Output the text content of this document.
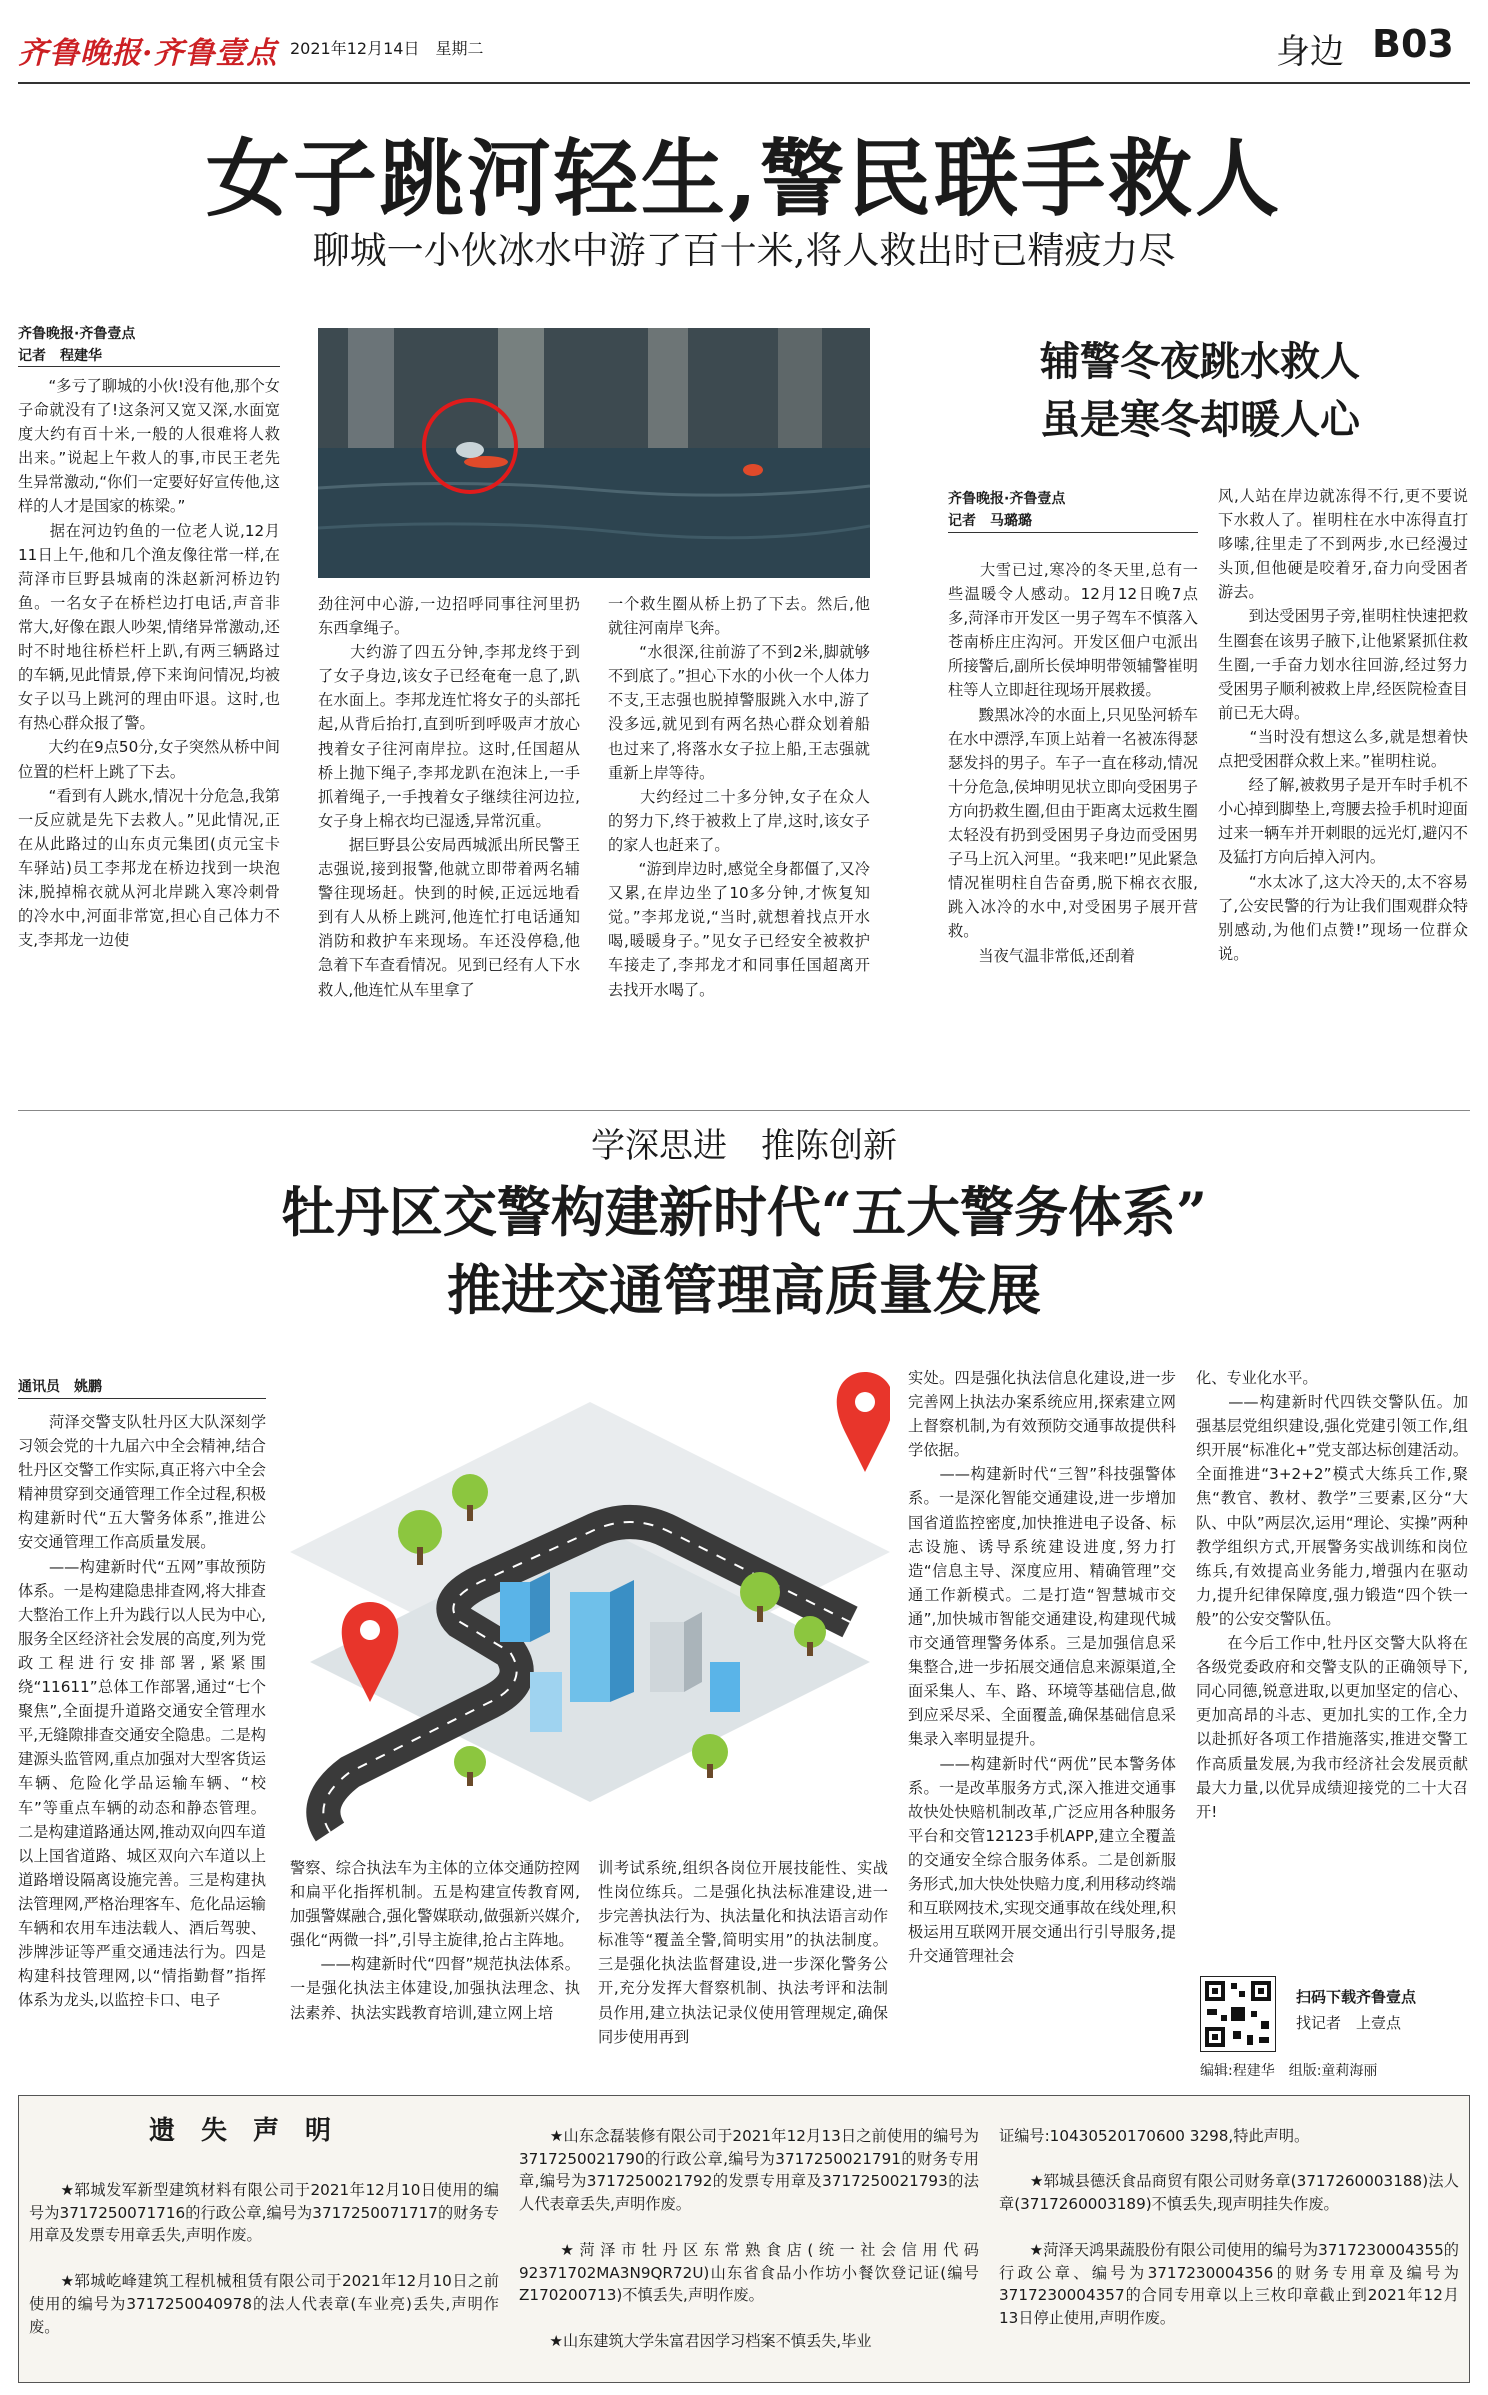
齐鲁晚报·齐鲁壹点 2021年12月14日　星期二	身边 B03
女子跳河轻生,警民联手救人
聊城一小伙冰水中游了百十米,将人救出时已精疲力尽
齐鲁晚报·齐鲁壹点
记者　程建华
　　“多亏了聊城的小伙!没有他,那个女子命就没有了!这条河又宽又深,水面宽度大约有百十米,一般的人很难将人救出来。”说起上午救人的事,市民王老先生异常激动,“你们一定要好好宣传他,这样的人才是国家的栋梁。”
　　据在河边钓鱼的一位老人说,12月11日上午,他和几个渔友像往常一样,在菏泽市巨野县城南的洙赵新河桥边钓鱼。一名女子在桥栏边打电话,声音非常大,好像在跟人吵架,情绪异常激动,还时不时地往桥栏杆上趴,有两三辆路过的车辆,见此情景,停下来询问情况,均被女子以马上跳河的理由吓退。这时,也有热心群众报了警。
　　大约在9点50分,女子突然从桥中间位置的栏杆上跳了下去。
　　“看到有人跳水,情况十分危急,我第一反应就是先下去救人。”见此情况,正在从此路过的山东贞元集团(贞元宝卡车驿站)员工李邦龙在桥边找到一块泡沫,脱掉棉衣就从河北岸跳入寒冷刺骨的冷水中,河面非常宽,担心自己体力不支,李邦龙一边使
劲往河中心游,一边招呼同事往河里扔东西拿绳子。
　　大约游了四五分钟,李邦龙终于到了女子身边,该女子已经奄奄一息了,趴在水面上。李邦龙连忙将女子的头部托起,从背后抬打,直到听到呼吸声才放心拽着女子往河南岸拉。这时,任国超从桥上抛下绳子,李邦龙趴在泡沫上,一手抓着绳子,一手拽着女子继续往河边拉,女子身上棉衣均已湿透,异常沉重。
　　据巨野县公安局西城派出所民警王志强说,接到报警,他就立即带着两名辅警往现场赶。快到的时候,正远远地看到有人从桥上跳河,他连忙打电话通知消防和救护车来现场。车还没停稳,他急着下车查看情况。见到已经有人下水救人,他连忙从车里拿了
一个救生圈从桥上扔了下去。然后,他就往河南岸飞奔。
　　“水很深,往前游了不到2米,脚就够不到底了。”担心下水的小伙一个人体力不支,王志强也脱掉警服跳入水中,游了没多远,就见到有两名热心群众划着船也过来了,将落水女子拉上船,王志强就重新上岸等待。
　　大约经过二十多分钟,女子在众人的努力下,终于被救上了岸,这时,该女子的家人也赶来了。
　　“游到岸边时,感觉全身都僵了,又冷又累,在岸边坐了10多分钟,才恢复知觉。”李邦龙说,“当时,就想着找点开水喝,暖暖身子。”见女子已经安全被救护车接走了,李邦龙才和同事任国超离开去找开水喝了。
辅警冬夜跳水救人
虽是寒冬却暖人心
齐鲁晚报·齐鲁壹点
记者　马璐璐
　　大雪已过,寒冷的冬天里,总有一些温暖令人感动。12月12日晚7点多,菏泽市开发区一男子驾车不慎落入苍南桥庄庄沟河。开发区佃户屯派出所接警后,副所长侯坤明带领辅警崔明柱等人立即赶往现场开展救援。
　　黢黑冰冷的水面上,只见坠河轿车在水中漂浮,车顶上站着一名被冻得瑟瑟发抖的男子。车子一直在移动,情况十分危急,侯坤明见状立即向受困男子方向扔救生圈,但由于距离太远救生圈太轻没有扔到受困男子身边而受困男子马上沉入河里。“我来吧!”见此紧急情况崔明柱自告奋勇,脱下棉衣衣服,跳入冰冷的水中,对受困男子展开营救。
　　当夜气温非常低,还刮着
风,人站在岸边就冻得不行,更不要说下水救人了。崔明柱在水中冻得直打哆嗦,往里走了不到两步,水已经漫过头顶,但他硬是咬着牙,奋力向受困者游去。
　　到达受困男子旁,崔明柱快速把救生圈套在该男子腋下,让他紧紧抓住救生圈,一手奋力划水往回游,经过努力受困男子顺利被救上岸,经医院检查目前已无大碍。
　　“当时没有想这么多,就是想着快点把受困群众救上来。”崔明柱说。
　　经了解,被救男子是开车时手机不小心掉到脚垫上,弯腰去捡手机时迎面过来一辆车并开刺眼的远光灯,避闪不及猛打方向后掉入河内。
　　“水太冰了,这大冷天的,太不容易了,公安民警的行为让我们围观群众特别感动,为他们点赞!”现场一位群众说。
学深思进　推陈创新
牡丹区交警构建新时代“五大警务体系”
推进交通管理高质量发展
通讯员　姚鹏
　　菏泽交警支队牡丹区大队深刻学习领会党的十九届六中全会精神,结合牡丹区交警工作实际,真正将六中全会精神贯穿到交通管理工作全过程,积极构建新时代“五大警务体系”,推进公安交通管理工作高质量发展。
　　——构建新时代“五网”事故预防体系。一是构建隐患排查网,将大排查大整治工作上升为践行以人民为中心,服务全区经济社会发展的高度,列为党政工程进行安排部署,紧紧围绕“11611”总体工作部署,通过“七个聚焦”,全面提升道路交通安全管理水平,无缝隙排查交通安全隐患。二是构建源头监管网,重点加强对大型客货运车辆、危险化学品运输车辆、“校车”等重点车辆的动态和静态管理。二是构建道路通达网,推动双向四车道以上国省道路、城区双向六车道以上道路增设隔离设施完善。三是构建执法管理网,严格治理客车、危化品运输车辆和农用车违法载人、酒后驾驶、涉牌涉证等严重交通违法行为。四是构建科技管理网,以“情指勤督”指挥体系为龙头,以监控卡口、电子
警察、综合执法车为主体的立体交通防控网和扁平化指挥机制。五是构建宣传教育网,加强警媒融合,强化警媒联动,做强新兴媒介,强化“两微一抖”,引导主旋律,抢占主阵地。
　　——构建新时代“四督”规范执法体系。一是强化执法主体建设,加强执法理念、执法素养、执法实践教育培训,建立网上培
训考试系统,组织各岗位开展技能性、实战性岗位练兵。二是强化执法标准建设,进一步完善执法行为、执法量化和执法语言动作标准等“覆盖全警,简明实用”的执法制度。三是强化执法监督建设,进一步深化警务公开,充分发挥大督察机制、执法考评和法制员作用,建立执法记录仪使用管理规定,确保同步使用再到
实处。四是强化执法信息化建设,进一步完善网上执法办案系统应用,探索建立网上督察机制,为有效预防交通事故提供科学依据。
　　——构建新时代“三智”科技强警体系。一是深化智能交通建设,进一步增加国省道监控密度,加快推进电子设备、标志设施、诱导系统建设进度,努力打造“信息主导、深度应用、精确管理”交通工作新模式。二是打造“智慧城市交通”,加快城市智能交通建设,构建现代城市交通管理警务体系。三是加强信息采集整合,进一步拓展交通信息来源渠道,全面采集人、车、路、环境等基础信息,做到应采尽采、全面覆盖,确保基础信息采集录入率明显提升。
　　——构建新时代“两优”民本警务体系。一是改革服务方式,深入推进交通事故快处快赔机制改革,广泛应用各种服务平台和交管12123手机APP,建立全覆盖的交通安全综合服务体系。二是创新服务形式,加大快处快赔力度,利用移动终端和互联网技术,实现交通事故在线处理,积极运用互联网开展交通出行引导服务,提升交通管理社会
化、专业化水平。
　　——构建新时代四铁交警队伍。加强基层党组织建设,强化党建引领工作,组织开展“标准化+”党支部达标创建活动。全面推进“3+2+2”模式大练兵工作,聚焦“教官、教材、教学”三要素,区分“大队、中队”两层次,运用“理论、实操”两种教学组织方式,开展警务实战训练和岗位练兵,有效提高业务能力,增强内在驱动力,提升纪律保障度,强力锻造“四个铁一般”的公安交警队伍。
　　在今后工作中,牡丹区交警大队将在各级党委政府和交警支队的正确领导下,同心同德,锐意进取,以更加坚定的信心、更加高昂的斗志、更加扎实的工作,全力以赴抓好各项工作措施落实,推进交警工作高质量发展,为我市经济社会发展贡献最大力量,以优异成绩迎接党的二十大召开!
扫码下载齐鲁壹点
找记者　上壹点
编辑:程建华　组版:童莉海丽
遗　失　声　明

　　★郓城发军新型建筑材料有限公司于2021年12月10日使用的编号为3717250071716的行政公章,编号为3717250071717的财务专用章及发票专用章丢失,声明作废。

　　★郓城屹峰建筑工程机械租赁有限公司于2021年12月10日之前使用的编号为3717250040978的法人代表章(车业亮)丢失,声明作废。

　　★山东念磊装修有限公司于2021年12月13日之前使用的编号为3717250021790的行政公章,编号为3717250021791的财务专用章,编号为3717250021792的发票专用章及3717250021793的法人代表章丢失,声明作废。

　　★菏泽市牡丹区东常熟食店(统一社会信用代码92371702MA3N9QR72U)山东省食品小作坊小餐饮登记证(编号Z170200713)不慎丢失,声明作废。

　　★山东建筑大学朱富君因学习档案不慎丢失,毕业

证编号:10430520170600 3298,特此声明。

　　★郓城县德沃食品商贸有限公司财务章(3717260003188)法人章(3717260003189)不慎丢失,现声明挂失作废。

　　★菏泽天鸿果蔬股份有限公司使用的编号为3717230004355的行政公章、编号为3717230004356的财务专用章及编号为3717230004357的合同专用章以上三枚印章截止到2021年12月13日停止使用,声明作废。
